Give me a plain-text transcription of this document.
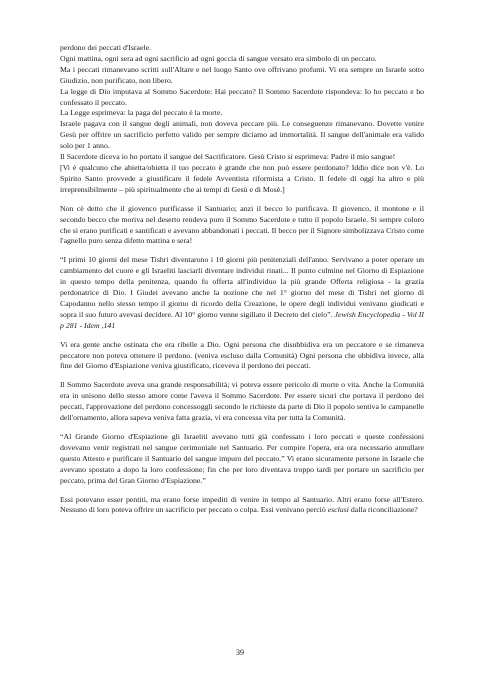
perdono dei peccati d'Israele.

Ogni mattina, ogni sera ad ogni sacrificio ad ogni goccia di sangue versato era simbolo di un peccato.

Ma i peccati rimanevano scritti sull'Altare e nel luogo Santo ove offrivano profumi. Vi era sempre un Israele sotto Giudizio, non purificato, non libero.

La legge di Dio imputava al Sommo Sacerdote: Hai peccato? Il Sommo Sacerdote rispondeva: Io ho peccato e ho confessato il peccato.

La Legge esprimeva: la paga del peccato è la morte.

Israele pagava con il sangue degli animali, non doveva peccare più. Le conseguenze rimanevano. Dovette venire Gesù per offrire un sacrificio perfetto valido per sempre diciamo ad immortalità. Il sangue dell'animale era valido solo per 1 anno.

Il Sacerdote diceva io ho portato il sangue del Sacrificatore. Gesù Cristo si esprimeva: Padre il mio sangue!

[Vi è qualcuno che abietta/obietta il tuo peccato è grande che non può essere perdonato? Iddio dice non v'è. Lo Spirito Santo provvede a giustificare il fedele Avventista riformista a Cristo. Il fedele di oggi ha altro e più irreprensibilmente – più spiritualmente che ai tempi di Gesù e di Mosè.]

Non cè detto che il giovenco purificasse il Santuario; anzi il becco lo purificava. Il giovenco, il montone e il secondo becco che moriva nel deserto rendeva puro il Sommo Sacerdote e tutto il popolo Israele. Si sempre coloro che si erano purificati e santificati e avevano abbandonati i peccati. Il becco per il Signore simbolizzava Cristo come l'agnello puro senza difetto mattina e sera!

“I primi 10 giorni del mese Tishri diventarono i 10 giorni più penitenziali dell'anno. Servivano a poter operare un cambiamento del cuore e gli Israeliti lasciarli diventare individui rinati... Il punto culmine nel Giorno di Espiazione in questo tempo della penitenza, quando fu offerta all'individuo la più grande Offerta religiosa - la grazia perdonatrice di Dio. I Giudei avevano anche la nozione che nel 1° giorno del mese di Tishri nel giorno di Capodanno nello stesso tempo il giorno di ricordo della Creazione, le opere degli individui venivano giudicati e sopra il suo futuro avevasi decidere. Al 10° giorno venne sigillato il Decreto del cielo”. Jewish Encyclopedia - Vol II p 281 - Idem ,141

Vi era gente anche ostinata che era ribelle a Dio. Ogni persona che disubbidiva era un peccatore e se rimaneva peccatore non poteva ottenere il perdono. (veniva escluso dalla Comunità) Ogni persona che ubbidiva invece, alla fine del Giorno d'Espiazione veniva giustificato, riceveva il perdono dei peccati.

Il Sommo Sacerdote aveva una grande responsabilità; vi poteva essere pericolo di morte o vita. Anche la Comunità era in unisono dello stesso amore come l'aveva il Sommo Sacerdote. Per essere sicuri che portava il perdono dei peccati, l'approvazione del perdono concessoggli secondo le richieste da parte di Dio il popolo sentiva le campanelle dell'ornamento, allora sapeva veniva fatta grazia, vi era concessa vita per tutta la Comunità.

“Al Grande Giorno d'Espiazione gli Israeliti avevano tutti già confessato i loro peccati e queste confessioni dovevano venir registrati nel sangue cerimoniale nel Santuario. Per compire l'opera, era ora necessario annullare questo Attesto e purificare il Santuario del sangue impuro del peccato.” Vi erano sicuramente persone in Israele che avevano spostato a dopo la loro confessione; fin che per loro diventava troppo tardi per portare un sacrificio per peccato, prima del Gran Giorno d'Espiazione.”

Essi potevano esser pentiti, ma erano forse impediti di venire in tempo al Santuario. Altri erano forse all'Estero. Nessuno di loro poteva offrire un sacrificio per peccato o colpa. Essi venivano perciò esclusi dalla riconciliazione?

39
